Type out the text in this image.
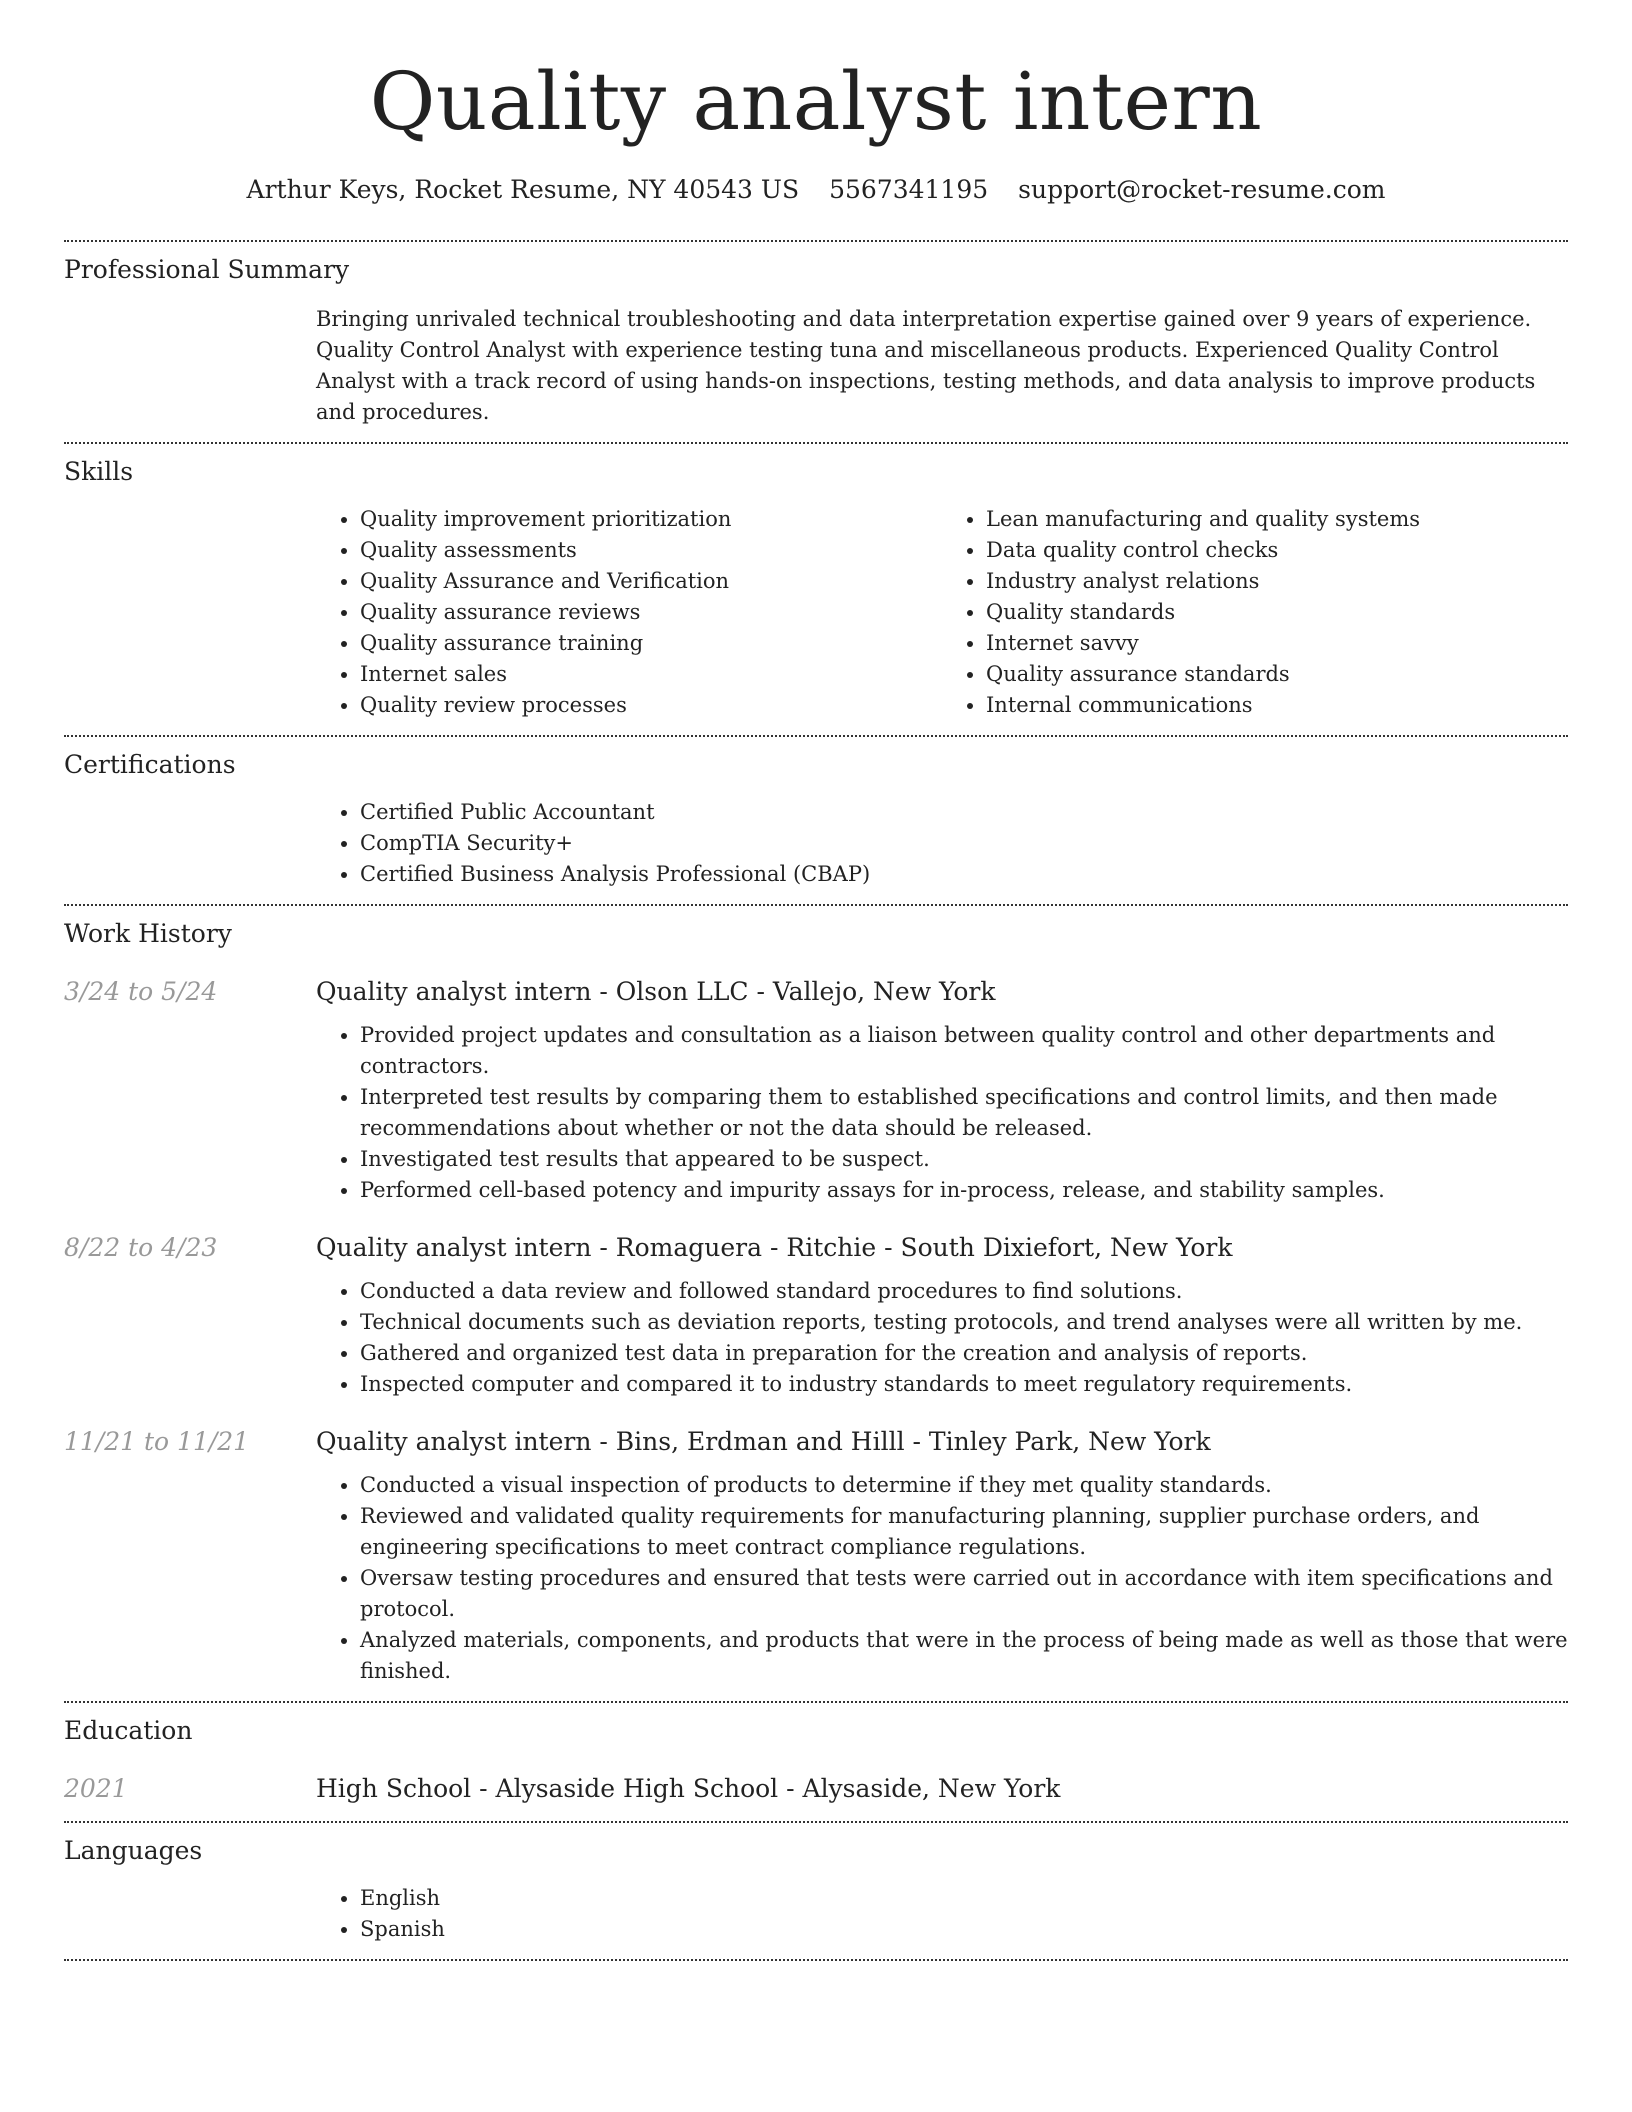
Quality analyst intern
Arthur Keys, Rocket Resume, NY 40543 US 5567341195 support@rocket-resume.com
Professional Summary

Bringing unrivaled technical troubleshooting and data interpretation expertise gained over 9 years of experience. Quality Control Analyst with experience testing tuna and miscellaneous products. Experienced Quality Control Analyst with a track record of using hands-on inspections, testing methods, and data analysis to improve products and procedures.

Skills
• Quality improvement prioritization
• Quality assessments
• Quality Assurance and Verification
• Quality assurance reviews
• Quality assurance training
• Internet sales
• Quality review processes
• Lean manufacturing and quality systems
• Data quality control checks
• Industry analyst relations
• Quality standards
• Internet savvy
• Quality assurance standards
• Internal communications
Certifications
• Certified Public Accountant
• CompTIA Security+
• Certified Business Analysis Professional (CBAP)
Work History
3/24 to 5/24	Quality analyst intern - Olson LLC - Vallejo, New York
• Provided project updates and consultation as a liaison between quality control and other departments and contractors.
• Interpreted test results by comparing them to established specifications and control limits, and then made recommendations about whether or not the data should be released.
• Investigated test results that appeared to be suspect.
• Performed cell-based potency and impurity assays for in-process, release, and stability samples.
8/22 to 4/23	Quality analyst intern - Romaguera - Ritchie - South Dixiefort, New York
• Conducted a data review and followed standard procedures to find solutions.
• Technical documents such as deviation reports, testing protocols, and trend analyses were all written by me.
• Gathered and organized test data in preparation for the creation and analysis of reports.
• Inspected computer and compared it to industry standards to meet regulatory requirements.
11/21 to 11/21	Quality analyst intern - Bins, Erdman and Hilll - Tinley Park, New York
• Conducted a visual inspection of products to determine if they met quality standards.
• Reviewed and validated quality requirements for manufacturing planning, supplier purchase orders, and engineering specifications to meet contract compliance regulations.
• Oversaw testing procedures and ensured that tests were carried out in accordance with item specifications and protocol.
• Analyzed materials, components, and products that were in the process of being made as well as those that were finished.
Education
2021	High School - Alysaside High School - Alysaside, New York
Languages
• English
• Spanish
